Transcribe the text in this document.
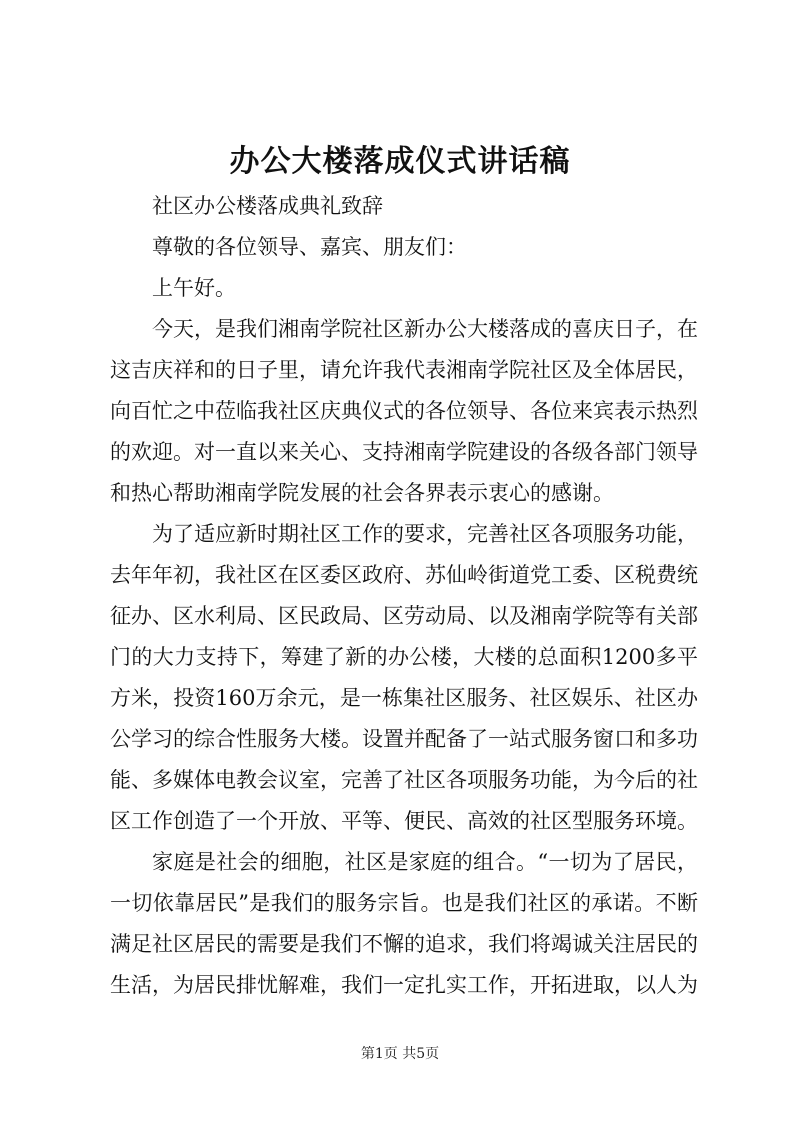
办公大楼落成仪式讲话稿

社区办公楼落成典礼致辞

尊敬的各位领导、嘉宾、朋友们：

上午好。

今天，是我们湘南学院社区新办公大楼落成的喜庆日子，在这吉庆祥和的日子里，请允许我代表湘南学院社区及全体居民，向百忙之中莅临我社区庆典仪式的各位领导、各位来宾表示热烈的欢迎。对一直以来关心、支持湘南学院建设的各级各部门领导和热心帮助湘南学院发展的社会各界表示衷心的感谢。

为了适应新时期社区工作的要求，完善社区各项服务功能，去年年初，我社区在区委区政府、苏仙岭街道党工委、区税费统征办、区水利局、区民政局、区劳动局、以及湘南学院等有关部门的大力支持下，筹建了新的办公楼，大楼的总面积1200多平方米，投资160万余元，是一栋集社区服务、社区娱乐、社区办公学习的综合性服务大楼。设置并配备了一站式服务窗口和多功能、多媒体电教会议室，完善了社区各项服务功能，为今后的社区工作创造了一个开放、平等、便民、高效的社区型服务环境。

家庭是社会的细胞，社区是家庭的组合。“一切为了居民，一切依靠居民”是我们的服务宗旨。也是我们社区的承诺。不断满足社区居民的需要是我们不懈的追求，我们将竭诚关注居民的生活，为居民排忧解难，我们一定扎实工作，开拓进取，以人为

第1页 共5页
